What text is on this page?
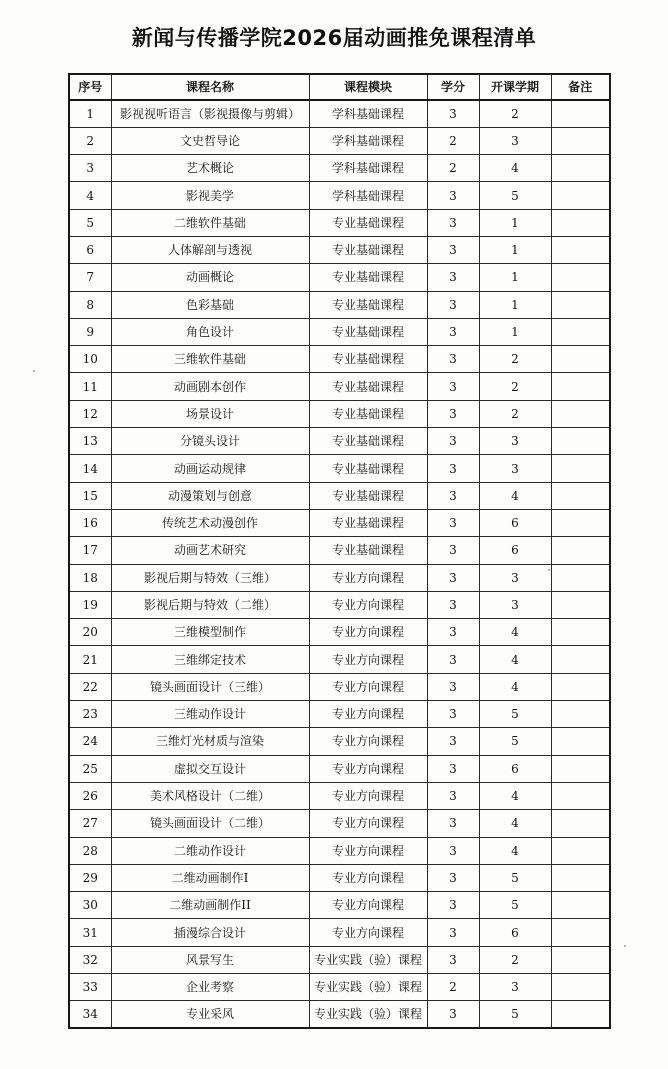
新闻与传播学院2026届动画推免课程清单
序号	课程名称	课程模块	学分	开课学期	备注
1	影视视听语言（影视摄像与剪辑）	学科基础课程	3	2	
2	文史哲导论	学科基础课程	2	3	
3	艺术概论	学科基础课程	2	4	
4	影视美学	学科基础课程	3	5	
5	二维软件基础	专业基础课程	3	1	
6	人体解剖与透视	专业基础课程	3	1	
7	动画概论	专业基础课程	3	1	
8	色彩基础	专业基础课程	3	1	
9	角色设计	专业基础课程	3	1	
10	三维软件基础	专业基础课程	3	2	
11	动画剧本创作	专业基础课程	3	2	
12	场景设计	专业基础课程	3	2	
13	分镜头设计	专业基础课程	3	3	
14	动画运动规律	专业基础课程	3	3	
15	动漫策划与创意	专业基础课程	3	4	
16	传统艺术动漫创作	专业基础课程	3	6	
17	动画艺术研究	专业基础课程	3	6	
18	影视后期与特效（三维）	专业方向课程	3	3	
19	影视后期与特效（二维）	专业方向课程	3	3	
20	三维模型制作	专业方向课程	3	4	
21	三维绑定技术	专业方向课程	3	4	
22	镜头画面设计（三维）	专业方向课程	3	4	
23	三维动作设计	专业方向课程	3	5	
24	三维灯光材质与渲染	专业方向课程	3	5	
25	虚拟交互设计	专业方向课程	3	6	
26	美术风格设计（二维）	专业方向课程	3	4	
27	镜头画面设计（二维）	专业方向课程	3	4	
28	二维动作设计	专业方向课程	3	4	
29	二维动画制作I	专业方向课程	3	5	
30	二维动画制作II	专业方向课程	3	5	
31	插漫综合设计	专业方向课程	3	6	
32	风景写生	专业实践（验）课程	3	2	
33	企业考察	专业实践（验）课程	2	3	
34	专业采风	专业实践（验）课程	3	5	
